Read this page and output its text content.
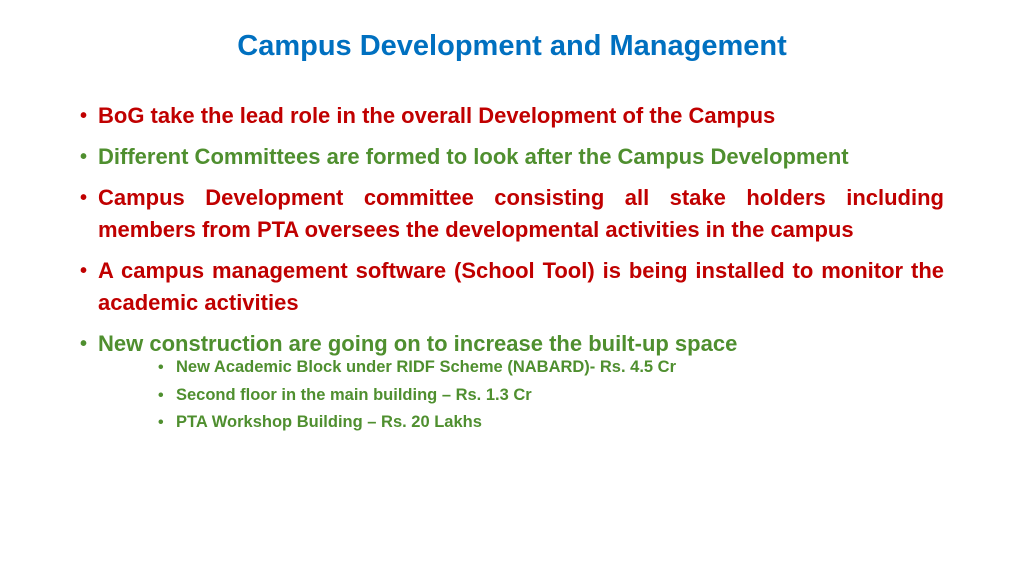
Campus Development and Management
• BoG take the lead role in the overall Development of the Campus
• Different Committees are formed to look after the Campus Development
• Campus Development committee consisting all stake holders including members from PTA oversees the developmental activities in the campus
• A campus management software (School Tool) is being installed to monitor the academic activities
• New construction are going on to increase the built-up space
• New Academic Block under RIDF Scheme (NABARD)- Rs. 4.5 Cr
• Second floor in the main building – Rs. 1.3 Cr
• PTA Workshop Building – Rs. 20 Lakhs
